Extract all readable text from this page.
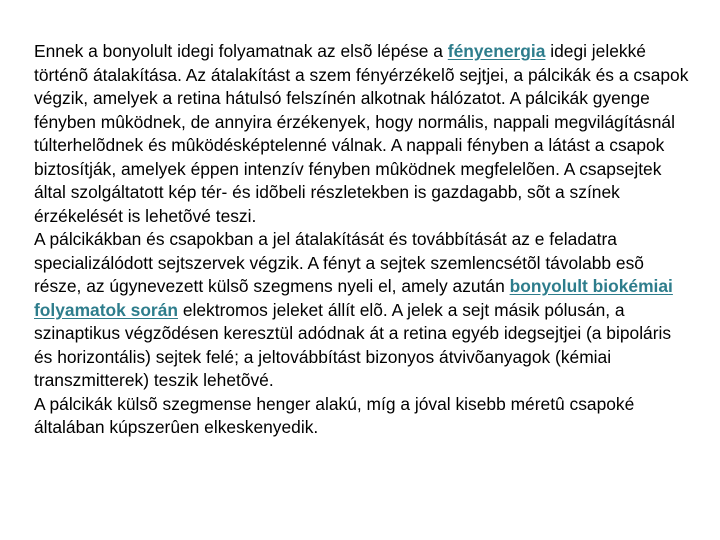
Ennek a bonyolult idegi folyamatnak az elsõ lépése a fényenergia idegi jelekké történõ átalakítása. Az átalakítást a szem fényérzékelõ sejtjei, a pálcikák és a csapok végzik, amelyek a retina hátulsó felszínén alkotnak hálózatot. A pálcikák gyenge fényben mûködnek, de annyira érzékenyek, hogy normális, nappali megvilágításnál túlterhelõdnek és mûködésképtelenné válnak. A nappali fényben a látást a csapok biztosítják, amelyek éppen intenzív fényben mûködnek megfelelõen. A csapsejtek által szolgáltatott kép tér- és idõbeli részletekben is gazdagabb, sõt a színek érzékelését is lehetõvé teszi.

A pálcikákban és csapokban a jel átalakítását és továbbítását az e feladatra specializálódott sejtszervek végzik. A fényt a sejtek szemlencsétõl távolabb esõ része, az úgynevezett külsõ szegmens nyeli el, amely azután bonyolult biokémiai folyamatok során elektromos jeleket állít elõ. A jelek a sejt másik pólusán, a szinaptikus végzõdésen keresztül adódnak át a retina egyéb idegsejtjei (a bipoláris és horizontális) sejtek felé; a jeltovábbítást bizonyos átvivõanyagok (kémiai transzmitterek) teszik lehetõvé.

A pálcikák külsõ szegmense henger alakú, míg a jóval kisebb méretû csapoké általában kúpszerûen elkeskenyedik.
